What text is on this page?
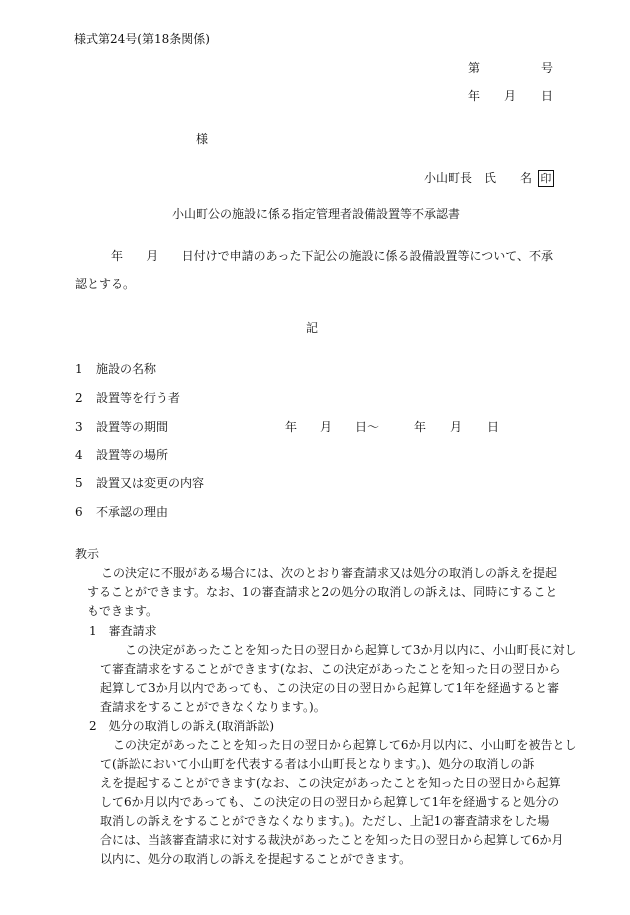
様式第24号(第18条関係)
第	号
年 月 日
様
小山町長　氏　　名 印
小山町公の施設に係る指定管理者設備設置等不承認書
年 月 日付けで申請のあった下記公の施設に係る設備設置等について、不承
認とする。
記
1 施設の名称
2 設置等を行う者
3 設置等の期間	年 月 日～	年 月 日
4 設置等の場所
5 設置又は変更の内容
6 不承認の理由
教示
この決定に不服がある場合には、次のとおり審査請求又は処分の取消しの訴えを提起
することができます。なお、1の審査請求と2の処分の取消しの訴えは、同時にすること
もできます。
1　審査請求
この決定があったことを知った日の翌日から起算して3か月以内に、小山町長に対し
て審査請求をすることができます(なお、この決定があったことを知った日の翌日から
起算して3か月以内であっても、この決定の日の翌日から起算して1年を経過すると審
査請求をすることができなくなります。)。
2　処分の取消しの訴え(取消訴訟)
この決定があったことを知った日の翌日から起算して6か月以内に、小山町を被告とし
て(訴訟において小山町を代表する者は小山町長となります。)、処分の取消しの訴
えを提起することができます(なお、この決定があったことを知った日の翌日から起算
して6か月以内であっても、この決定の日の翌日から起算して1年を経過すると処分の
取消しの訴えをすることができなくなります。)。ただし、上記1の審査請求をした場
合には、当該審査請求に対する裁決があったことを知った日の翌日から起算して6か月
以内に、処分の取消しの訴えを提起することができます。
